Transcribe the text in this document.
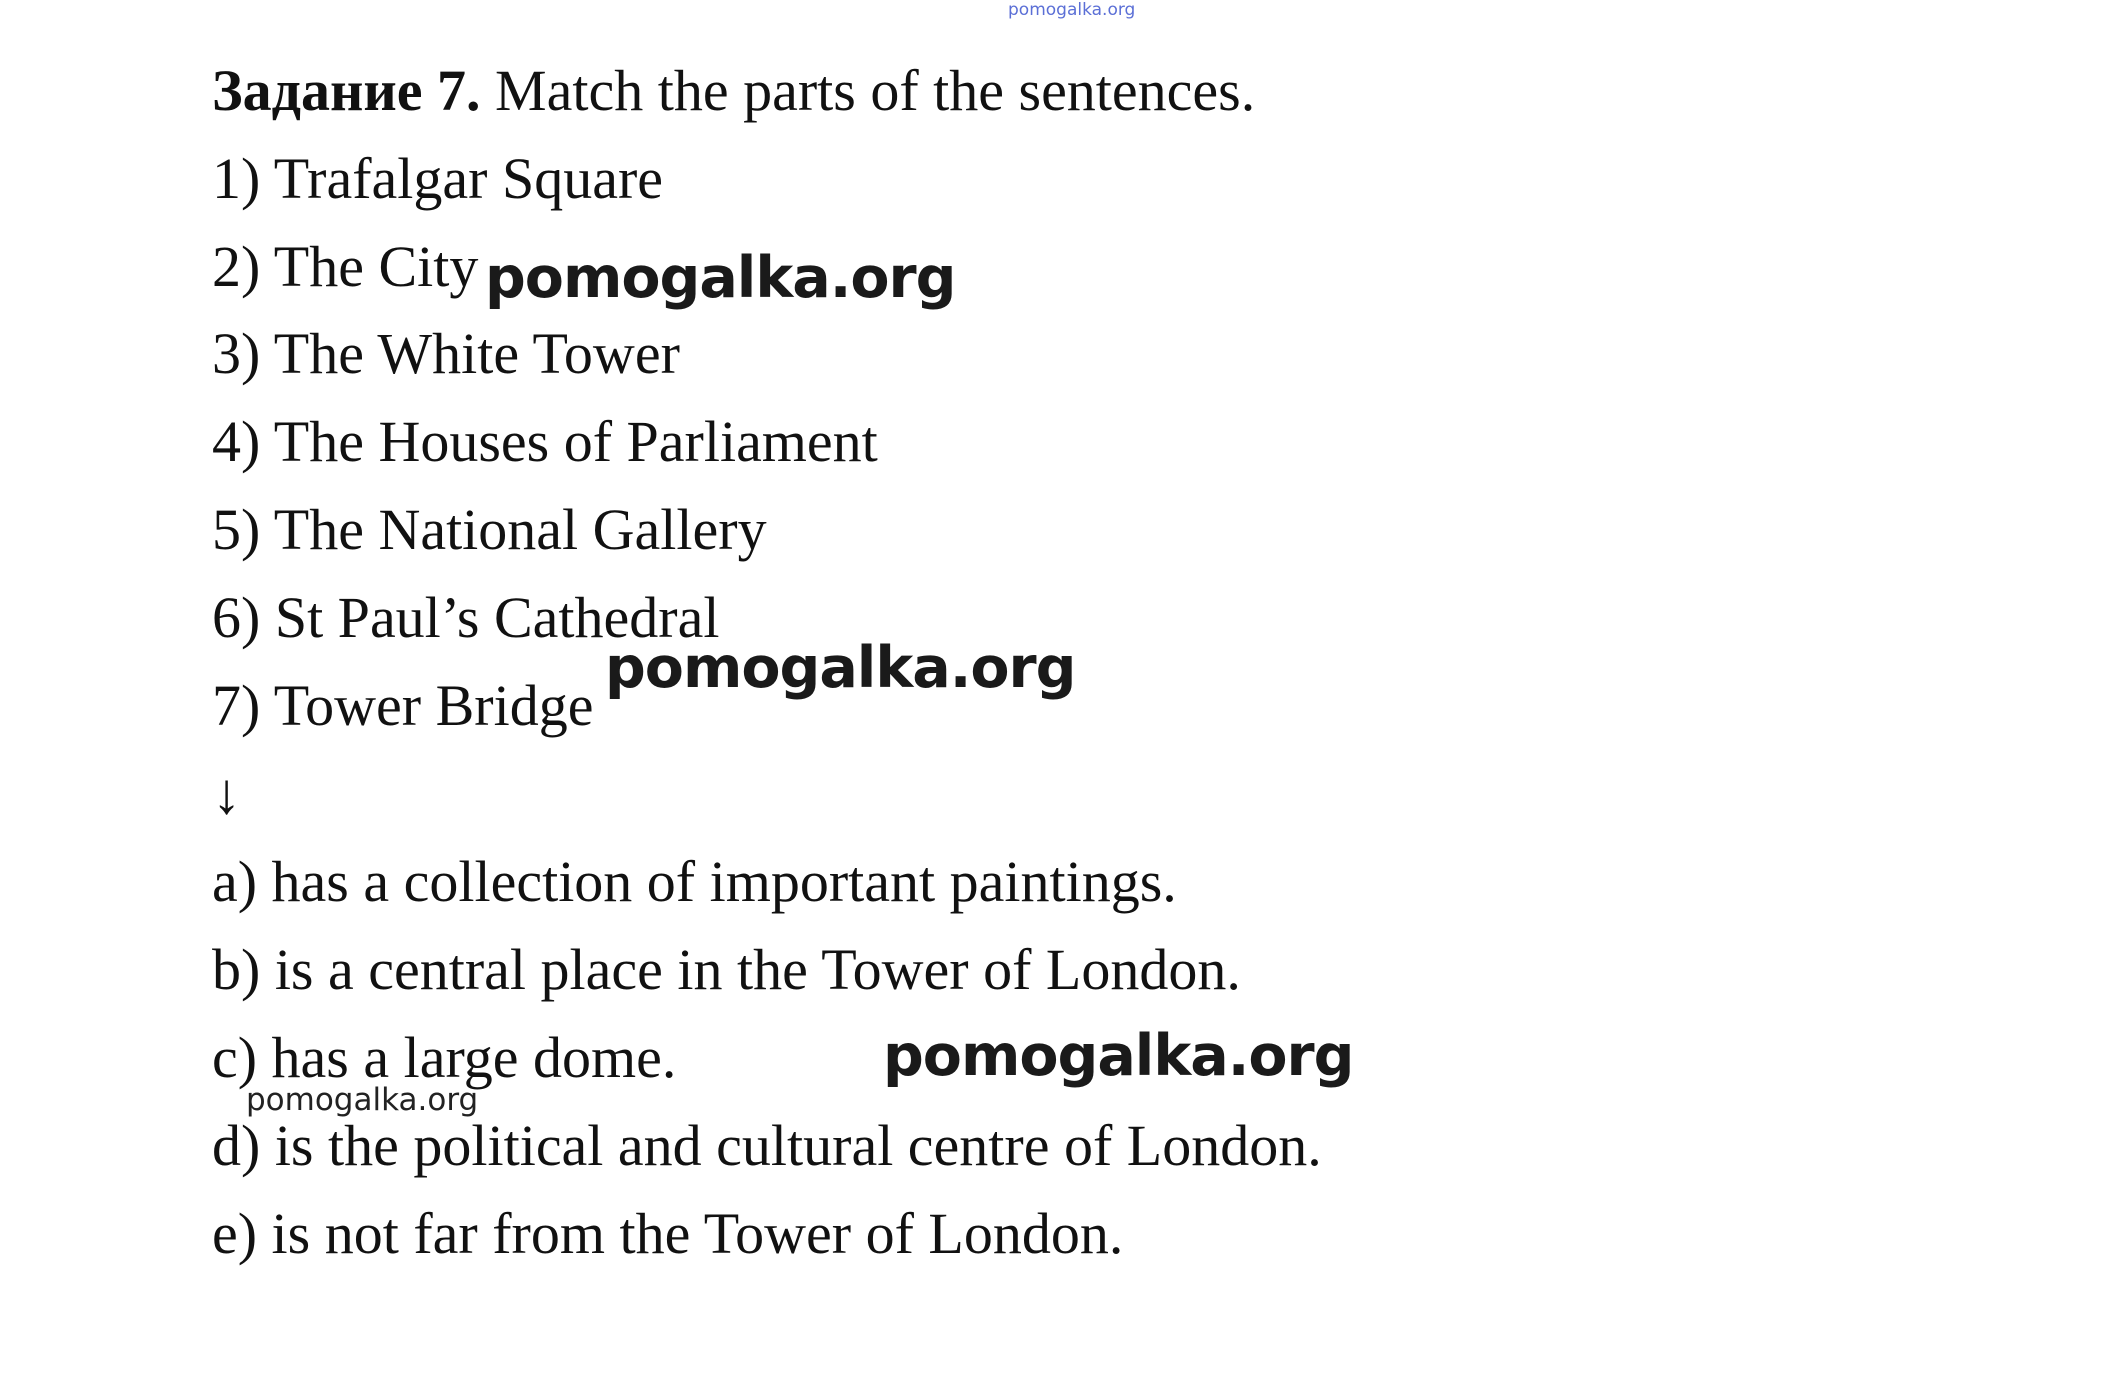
pomogalka.org
Задание 7. Match the parts of the sentences.
1) Trafalgar Square
2) The City
3) The White Tower
4) The Houses of Parliament
5) The National Gallery
6) St Paul’s Cathedral
7) Tower Bridge
↓
a) has a collection of important paintings.
b) is a central place in the Tower of London.
c) has a large dome.
d) is the political and cultural centre of London.
e) is not far from the Tower of London.
pomogalka.org
pomogalka.org
pomogalka.org
pomogalka.org
